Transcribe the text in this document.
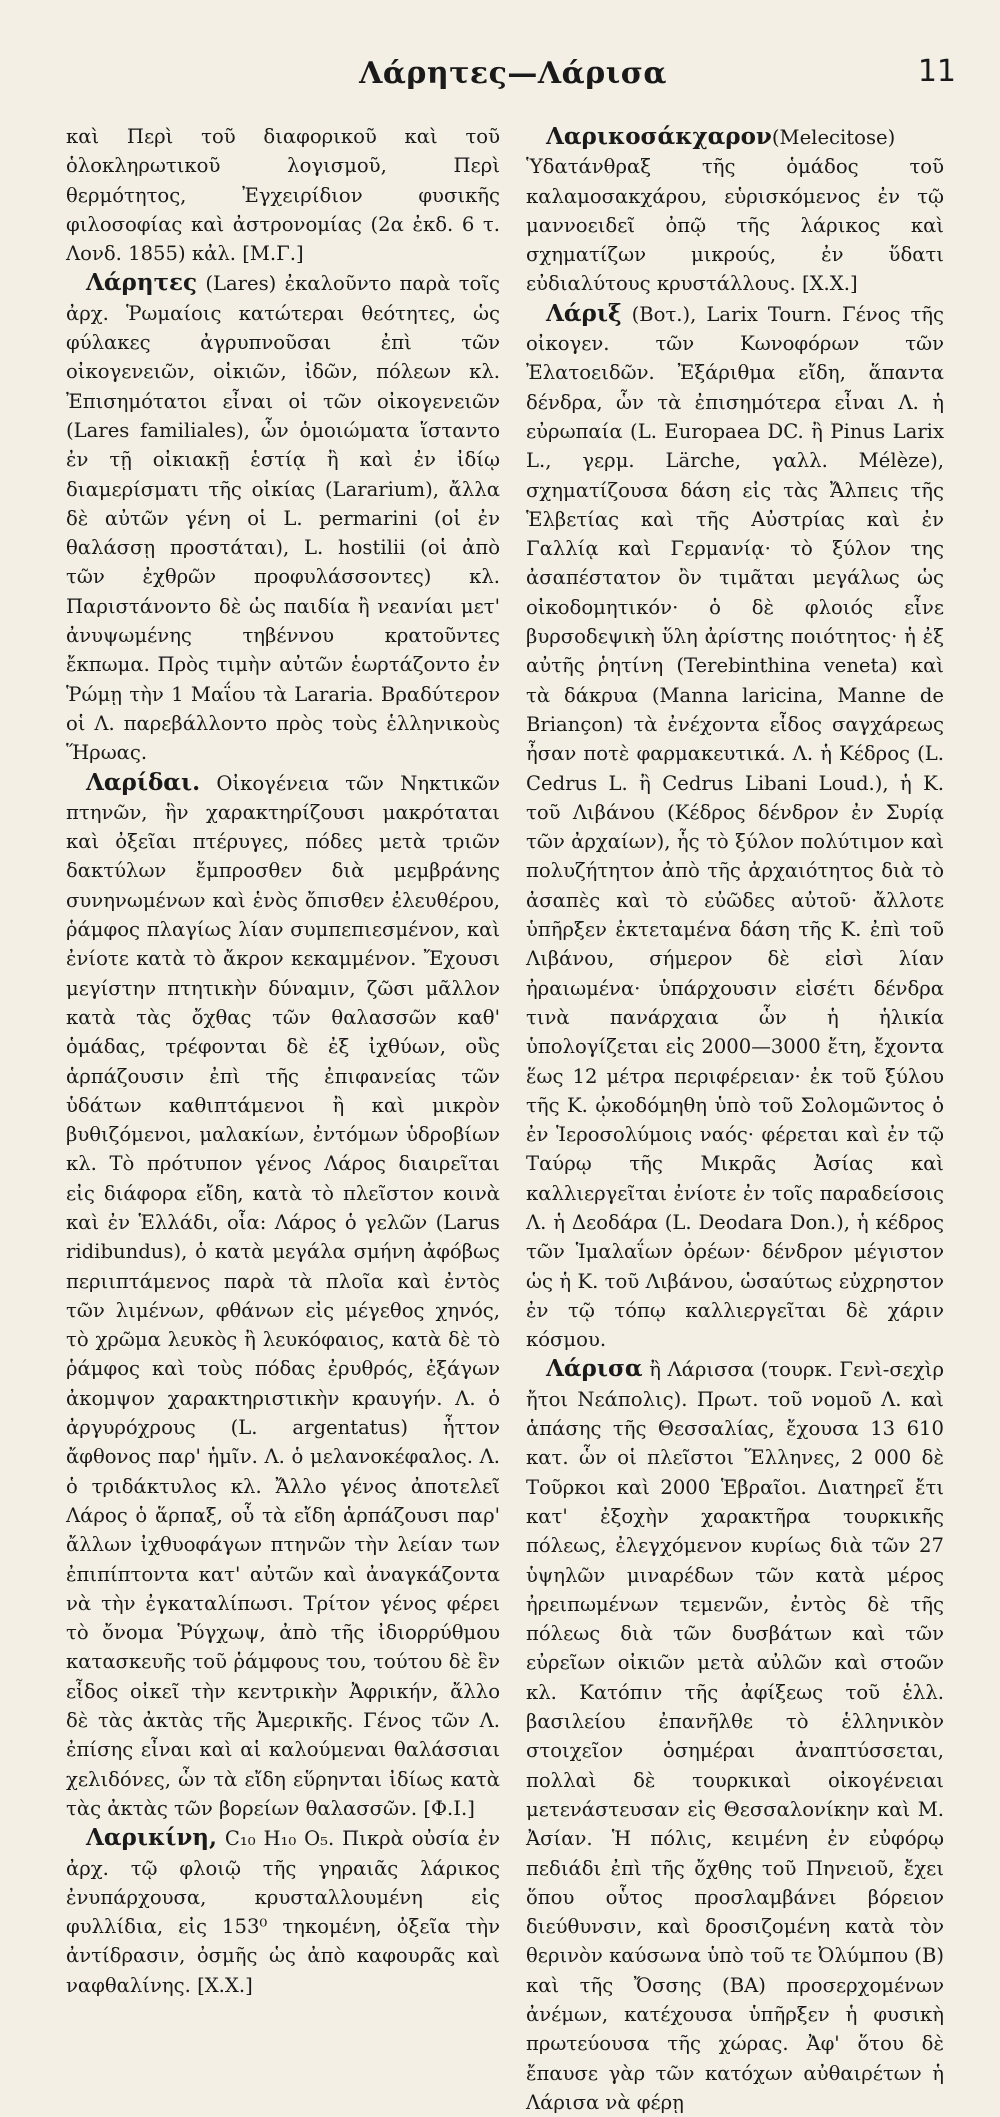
Λάρητες—Λάρισα	11

καὶ Περὶ τοῦ διαφορικοῦ καὶ τοῦ ὁλοκληρωτικοῦ λογισμοῦ, Περὶ θερμότητος, Ἐγχειρίδιον φυσικῆς φιλοσοφίας καὶ ἀστρονομίας (2α ἐκδ. 6 τ. Λονδ. 1855) κἀλ. [Μ.Γ.]

Λάρητες (Lares) ἐκαλοῦντο παρὰ τοῖς ἀρχ. Ῥωμαίοις κατώτεραι θεότητες, ὡς φύλακες ἀγρυπνοῦσαι ἐπὶ τῶν οἰκογενειῶν, οἰκιῶν, ἰδῶν, πόλεων κλ. Ἐπισημότατοι εἶναι οἱ τῶν οἰκογενειῶν (Lares familiales), ὧν ὁμοιώματα ἵσταντο ἐν τῇ οἰκιακῇ ἑστίᾳ ἢ καὶ ἐν ἰδίῳ διαμερίσματι τῆς οἰκίας (Lararium), ἄλλα δὲ αὐτῶν γένη οἱ L. permarini (οἱ ἐν θαλάσσῃ προστάται), L. hostilii (οἱ ἀπὸ τῶν ἐχθρῶν προφυλάσσοντες) κλ. Παριστάνοντο δὲ ὡς παιδία ἢ νεανίαι μετ' ἀνυψωμένης τηβέννου κρατοῦντες ἔκπωμα. Πρὸς τιμὴν αὐτῶν ἑωρτάζοντο ἐν Ῥώμῃ τὴν 1 Μαΐου τὰ Lararia. Βραδύτερον οἱ Λ. παρεβάλλοντο πρὸς τοὺς ἑλληνικοὺς Ἥρωας.

Λαρίδαι. Οἰκογένεια τῶν Νηκτικῶν πτηνῶν, ἣν χαρακτηρίζουσι μακρόταται καὶ ὀξεῖαι πτέρυγες, πόδες μετὰ τριῶν δακτύλων ἔμπροσθεν διὰ μεμβράνης συνηνωμένων καὶ ἑνὸς ὄπισθεν ἐλευθέρου, ῥάμφος πλαγίως λίαν συμπεπιεσμένον, καὶ ἐνίοτε κατὰ τὸ ἄκρον κεκαμμένον. Ἔχουσι μεγίστην πτητικὴν δύναμιν, ζῶσι μᾶλλον κατὰ τὰς ὄχθας τῶν θαλασσῶν καθ' ὁμάδας, τρέφονται δὲ ἐξ ἰχθύων, οὓς ἁρπάζουσιν ἐπὶ τῆς ἐπιφανείας τῶν ὑδάτων καθιπτάμενοι ἢ καὶ μικρὸν βυθιζόμενοι, μαλακίων, ἐντόμων ὑδροβίων κλ. Τὸ πρότυπον γένος Λάρος διαιρεῖται εἰς διάφορα εἴδη, κατὰ τὸ πλεῖστον κοινὰ καὶ ἐν Ἑλλάδι, οἷα: Λάρος ὁ γελῶν (Larus ridibundus), ὁ κατὰ μεγάλα σμήνη ἀφόβως περιιπτάμενος παρὰ τὰ πλοῖα καὶ ἐντὸς τῶν λιμένων, φθάνων εἰς μέγεθος χηνός, τὸ χρῶμα λευκὸς ἢ λευκόφαιος, κατὰ δὲ τὸ ῥάμφος καὶ τοὺς πόδας ἐρυθρός, ἐξάγων ἀκομψον χαρακτηριστικὴν κραυγήν. Λ. ὁ ἀργυρόχρους (L. argentatus) ἧττον ἄφθονος παρ' ἡμῖν. Λ. ὁ μελανοκέφαλος. Λ. ὁ τριδάκτυλος κλ. Ἄλλο γένος ἀποτελεῖ Λάρος ὁ ἅρπαξ, οὗ τὰ εἴδη ἁρπάζουσι παρ' ἄλλων ἰχθυοφάγων πτηνῶν τὴν λείαν των ἐπιπίπτοντα κατ' αὐτῶν καὶ ἀναγκάζοντα νὰ τὴν ἐγκαταλίπωσι. Τρίτον γένος φέρει τὸ ὄνομα Ῥύγχωψ, ἀπὸ τῆς ἰδιορρύθμου κατασκευῆς τοῦ ῥάμφους του, τούτου δὲ ἓν εἶδος οἰκεῖ τὴν κεντρικὴν Ἀφρικήν, ἄλλο δὲ τὰς ἀκτὰς τῆς Ἀμερικῆς. Γένος τῶν Λ. ἐπίσης εἶναι καὶ αἱ καλούμεναι θαλάσσιαι χελιδόνες, ὧν τὰ εἴδη εὕρηνται ἰδίως κατὰ τὰς ἀκτὰς τῶν βορείων θαλασσῶν. [Φ.Ι.]

Λαρικίνη, C₁₀ H₁₀ O₅. Πικρὰ οὐσία ἐν ἀρχ. τῷ φλοιῷ τῆς γηραιᾶς λάρικος ἐνυπάρχουσα, κρυσταλλουμένη εἰς φυλλίδια, εἰς 153⁰ τηκομένη, ὀξεῖα τὴν ἀντίδρασιν, ὀσμῆς ὡς ἀπὸ καφουρᾶς καὶ ναφθαλίνης. [Χ.Χ.]

Λαρικοσάκχαρον(Melecitose) Ὑδατάνθραξ τῆς ὁμάδος τοῦ καλαμοσακχάρου, εὑρισκόμενος ἐν τῷ μαννοειδεῖ ὀπῷ τῆς λάρικος καὶ σχηματίζων μικρούς, ἐν ὕδατι εὐδιαλύτους κρυστάλλους. [Χ.Χ.]

Λάριξ (Βοτ.), Larix Tourn. Γένος τῆς οἰκογεν. τῶν Κωνοφόρων τῶν Ἐλατοειδῶν. Ἐξάριθμα εἴδη, ἅπαντα δένδρα, ὧν τὰ ἐπισημότερα εἶναι Λ. ἡ εὐρωπαία (L. Europaea DC. ἢ Pinus Larix L., γερμ. Lärche, γαλλ. Mélèze), σχηματίζουσα δάση εἰς τὰς Ἄλπεις τῆς Ἑλβετίας καὶ τῆς Αὐστρίας καὶ ἐν Γαλλίᾳ καὶ Γερμανίᾳ· τὸ ξύλον της ἀσαπέστατον ὂν τιμᾶται μεγάλως ὡς οἰκοδομητικόν· ὁ δὲ φλοιός εἶνε βυρσοδεψικὴ ὕλη ἀρίστης ποιότητος· ἡ ἐξ αὐτῆς ῥητίνη (Terebinthina veneta) καὶ τὰ δάκρυα (Manna laricina, Manne de Briançon) τὰ ἐνέχοντα εἶδος σαγχάρεως ἦσαν ποτὲ φαρμακευτικά. Λ. ἡ Κέδρος (L. Cedrus L. ἢ Cedrus Libani Loud.), ἡ Κ. τοῦ Λιβάνου (Κέδρος δένδρον ἐν Συρίᾳ τῶν ἀρχαίων), ἧς τὸ ξύλον πολύτιμον καὶ πολυζήτητον ἀπὸ τῆς ἀρχαιότητος διὰ τὸ ἀσαπὲς καὶ τὸ εὐῶδες αὐτοῦ· ἄλλοτε ὑπῆρξεν ἐκτεταμένα δάση τῆς Κ. ἐπὶ τοῦ Λιβάνου, σήμερον δὲ εἰσὶ λίαν ἠραιωμένα· ὑπάρχουσιν εἰσέτι δένδρα τινὰ πανάρχαια ὧν ἡ ἡλικία ὑπολογίζεται εἰς 2000—3000 ἔτη, ἔχοντα ἕως 12 μέτρα περιφέρειαν· ἐκ τοῦ ξύλου τῆς Κ. ᾠκοδόμηθη ὑπὸ τοῦ Σολομῶντος ὁ ἐν Ἱεροσολύμοις ναός· φέρεται καὶ ἐν τῷ Ταύρῳ τῆς Μικρᾶς Ἀσίας καὶ καλλιεργεῖται ἐνίοτε ἐν τοῖς παραδείσοις Λ. ἡ Δεοδάρα (L. Deodara Don.), ἡ κέδρος τῶν Ἱμαλαΐων ὀρέων· δένδρον μέγιστον ὡς ἡ Κ. τοῦ Λιβάνου, ὡσαύτως εὐχρηστον ἐν τῷ τόπῳ καλλιεργεῖται δὲ χάριν κόσμου.

Λάρισα ἢ Λάρισσα (τουρκ. Γενὶ-σεχὶρ ἤτοι Νεάπολις). Πρωτ. τοῦ νομοῦ Λ. καὶ ἁπάσης τῆς Θεσσαλίας, ἔχουσα 13 610 κατ. ὧν οἱ πλεῖστοι Ἕλληνες, 2 000 δὲ Τοῦρκοι καὶ 2000 Ἑβραῖοι. Διατηρεῖ ἔτι κατ' ἐξοχὴν χαρακτῆρα τουρκικῆς πόλεως, ἐλεγχόμενον κυρίως διὰ τῶν 27 ὑψηλῶν μιναρέδων τῶν κατὰ μέρος ἠρειπωμένων τεμενῶν, ἐντὸς δὲ τῆς πόλεως διὰ τῶν δυσβάτων καὶ τῶν εὐρεῖων οἰκιῶν μετὰ αὐλῶν καὶ στοῶν κλ. Κατόπιν τῆς ἀφίξεως τοῦ ἑλλ. βασιλείου ἐπανῆλθε τὸ ἑλληνικὸν στοιχεῖον ὁσημέραι ἀναπτύσσεται, πολλαὶ δὲ τουρκικαὶ οἰκογένειαι μετενάστευσαν εἰς Θεσσαλονίκην καὶ Μ. Ἀσίαν. Ἡ πόλις, κειμένη ἐν εὐφόρῳ πεδιάδι ἐπὶ τῆς ὄχθης τοῦ Πηνειοῦ, ἔχει ὅπου οὗτος προσλαμβάνει βόρειον διεύθυνσιν, καὶ δροσιζομένη κατὰ τὸν θερινὸν καύσωνα ὑπὸ τοῦ τε Ὀλύμπου (Β) καὶ τῆς Ὄσσης (ΒΑ) προσερχομένων ἀνέμων, κατέχουσα ὑπῆρξεν ἡ φυσικὴ πρωτεύουσα τῆς χώρας. Ἀφ' ὅτου δὲ ἔπαυσε γὰρ τῶν κατόχων αὐθαιρέτων ἡ Λάρισα νὰ φέρῃ
